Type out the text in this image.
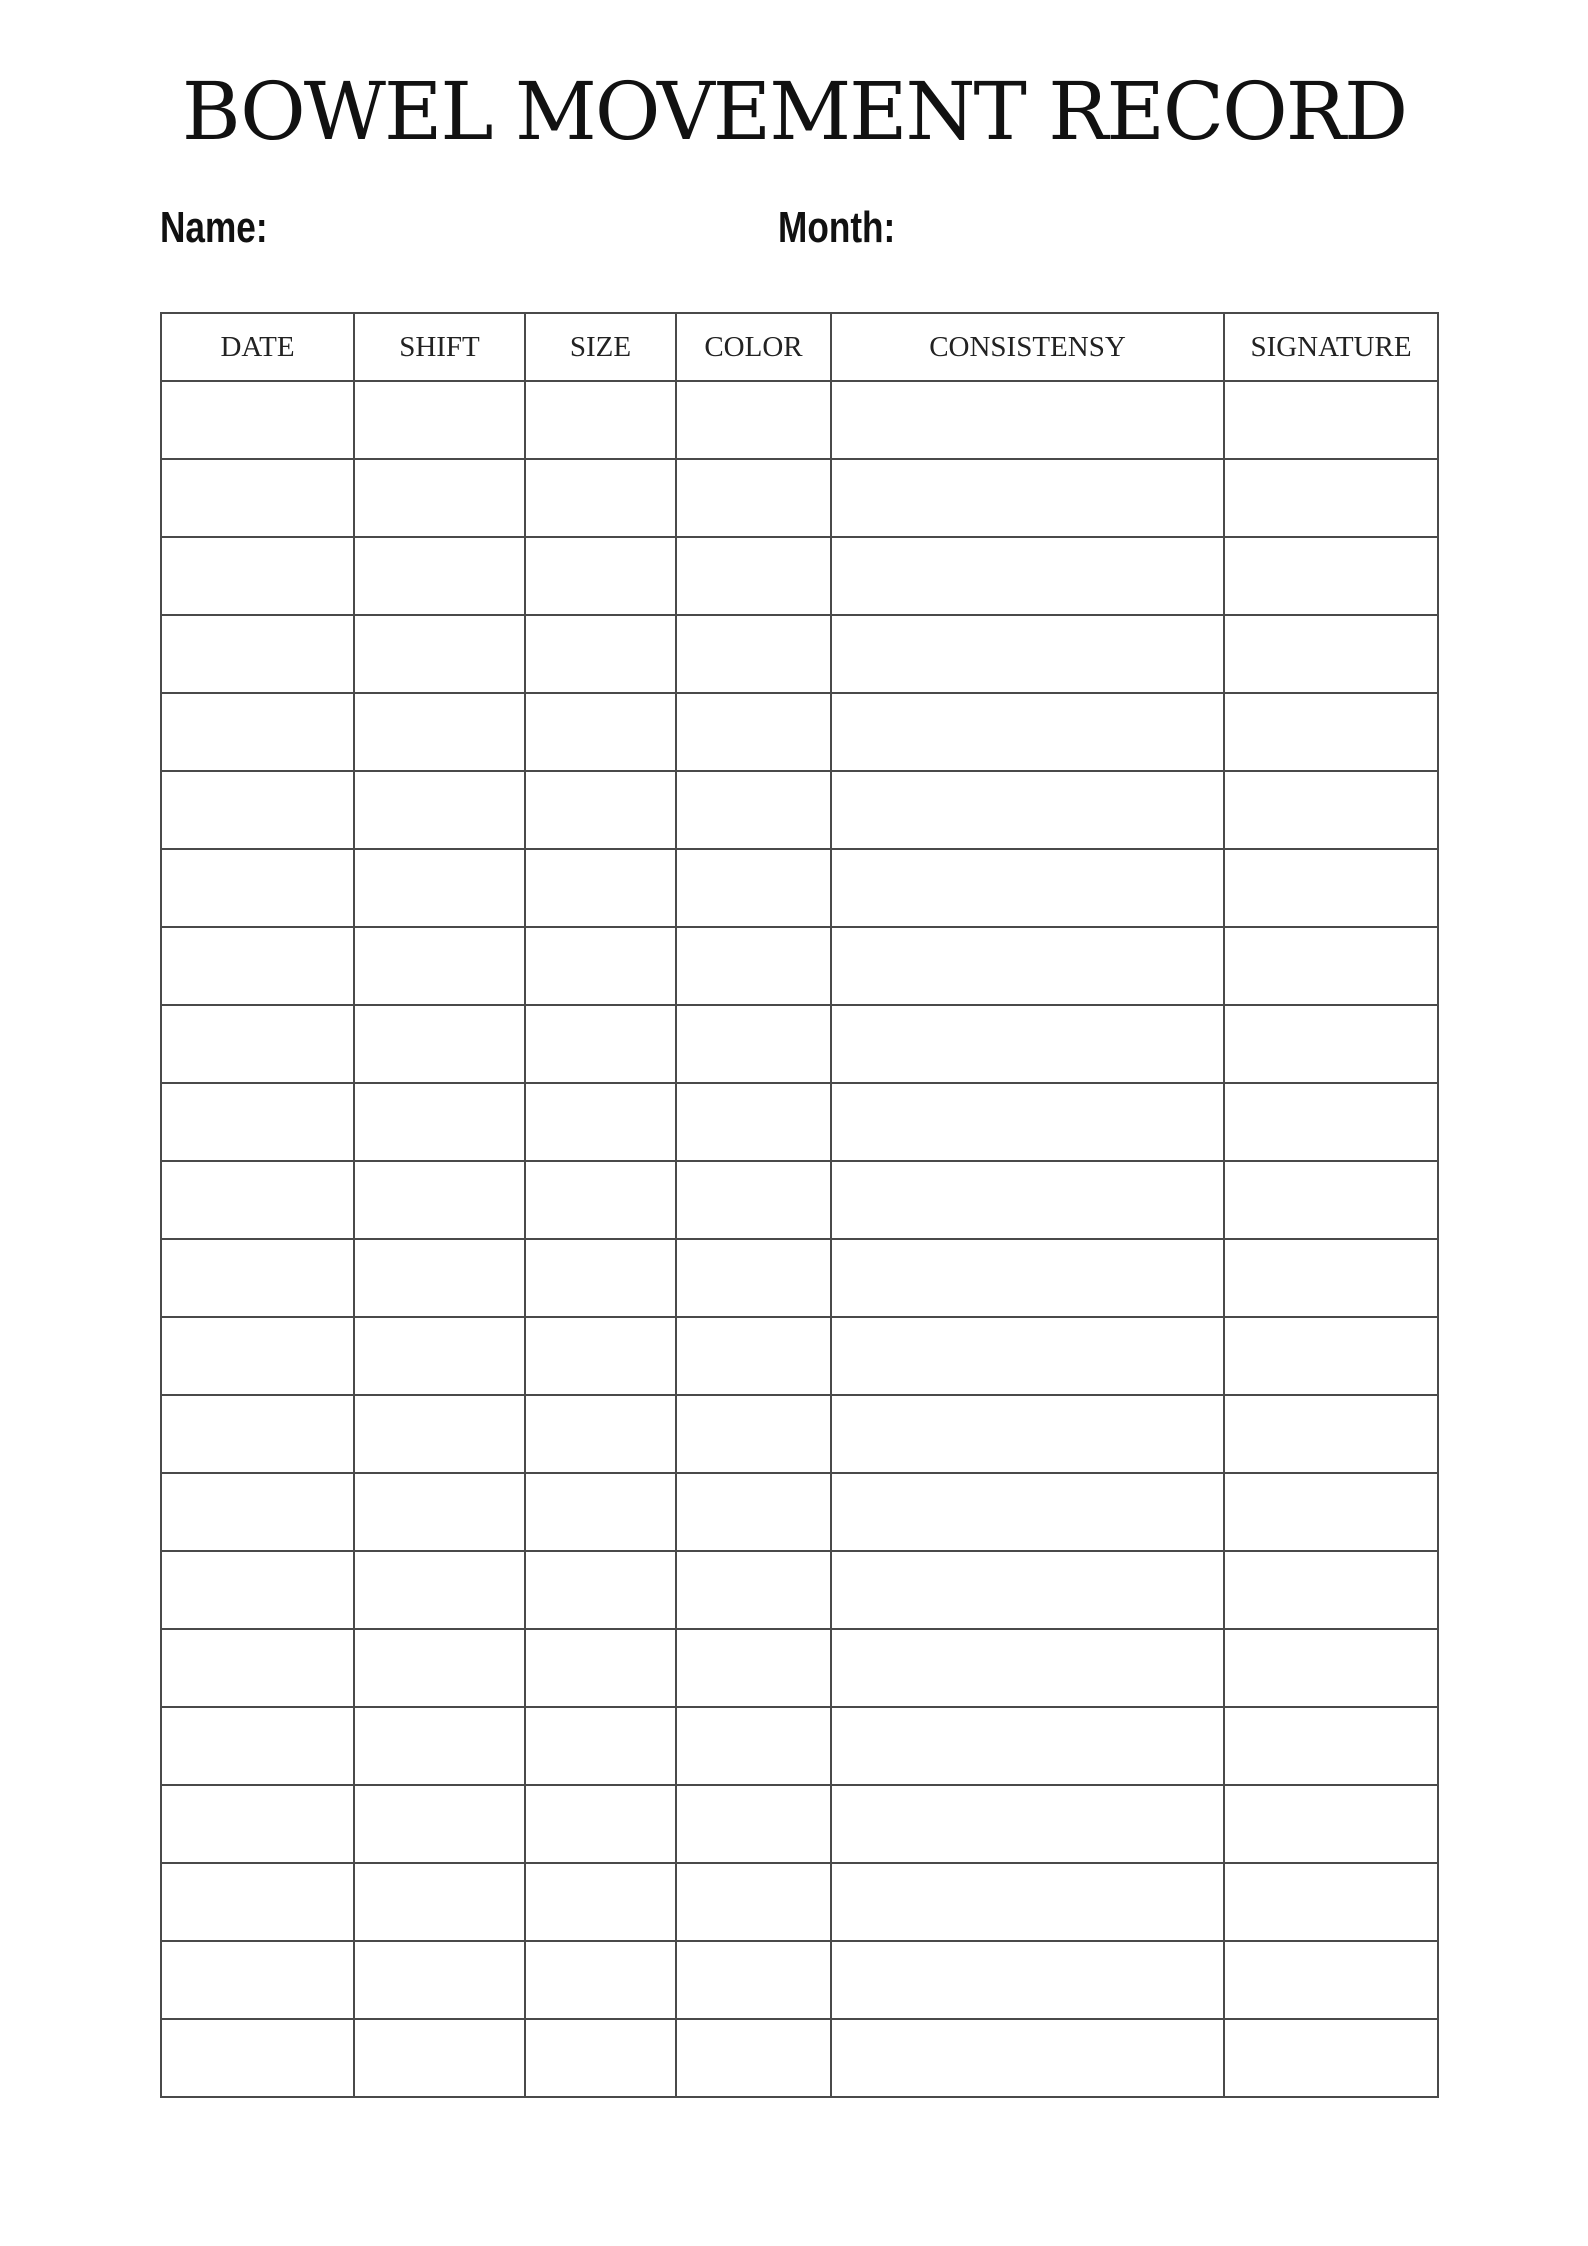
BOWEL MOVEMENT RECORD
Name:	Month:
DATE	SHIFT	SIZE	COLOR	CONSISTENSY	SIGNATURE
